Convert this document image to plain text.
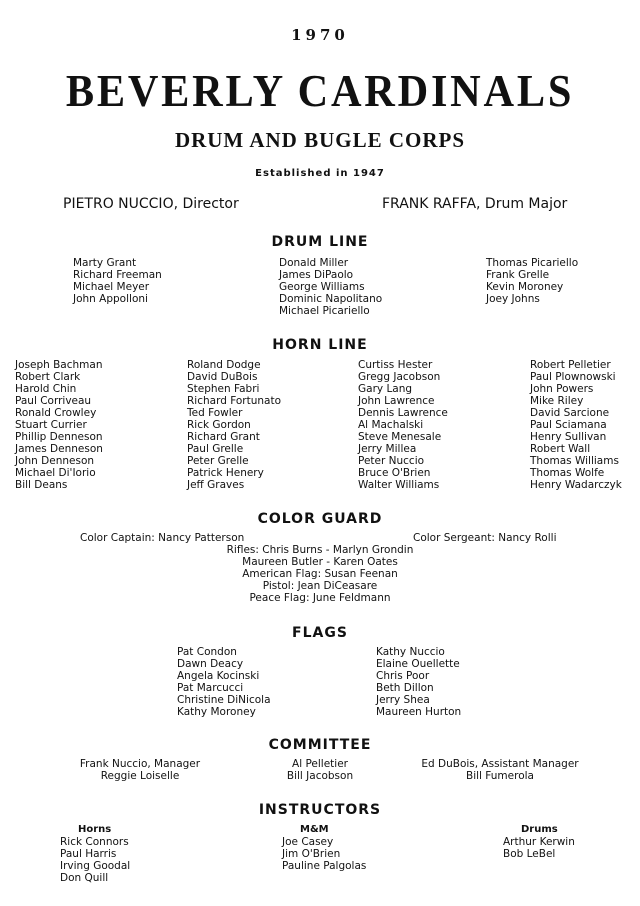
1970
BEVERLY CARDINALS
DRUM AND BUGLE CORPS
Established in 1947
PIETRO NUCCIO, Director	FRANK RAFFA, Drum Major
DRUM LINE
Marty Grant
Richard Freeman
Michael Meyer
John Appolloni
Donald Miller
James DiPaolo
George Williams
Dominic Napolitano
Michael Picariello
Thomas Picariello
Frank Grelle
Kevin Moroney
Joey Johns
HORN LINE
Joseph Bachman
Robert Clark
Harold Chin
Paul Corriveau
Ronald Crowley
Stuart Currier
Phillip Denneson
James Denneson
John Denneson
Michael Di'Iorio
Bill Deans
Roland Dodge
David DuBois
Stephen Fabri
Richard Fortunato
Ted Fowler
Rick Gordon
Richard Grant
Paul Grelle
Peter Grelle
Patrick Henery
Jeff Graves
Curtiss Hester
Gregg Jacobson
Gary Lang
John Lawrence
Dennis Lawrence
Al Machalski
Steve Menesale
Jerry Millea
Peter Nuccio
Bruce O'Brien
Walter Williams
Robert Pelletier
Paul Plownowski
John Powers
Mike Riley
David Sarcione
Paul Sciamana
Henry Sullivan
Robert Wall
Thomas Williams
Thomas Wolfe
Henry Wadarczyk
COLOR GUARD
Color Captain: Nancy Patterson	Color Sergeant: Nancy Rolli
Rifles: Chris Burns - Marlyn Grondin
Maureen Butler - Karen Oates
American Flag: Susan Feenan
Pistol: Jean DiCeasare
Peace Flag: June Feldmann
FLAGS
Pat Condon
Dawn Deacy
Angela Kocinski
Pat Marcucci
Christine DiNicola
Kathy Moroney
Kathy Nuccio
Elaine Ouellette
Chris Poor
Beth Dillon
Jerry Shea
Maureen Hurton
COMMITTEE
Frank Nuccio, Manager
Reggie Loiselle
Al Pelletier
Bill Jacobson
Ed DuBois, Assistant Manager
Bill Fumerola
INSTRUCTORS
Horns
Rick Connors
Paul Harris
Irving Goodal
Don Quill
M&M
Joe Casey
Jim O'Brien
Pauline Palgolas
Drums
Arthur Kerwin
Bob LeBel
